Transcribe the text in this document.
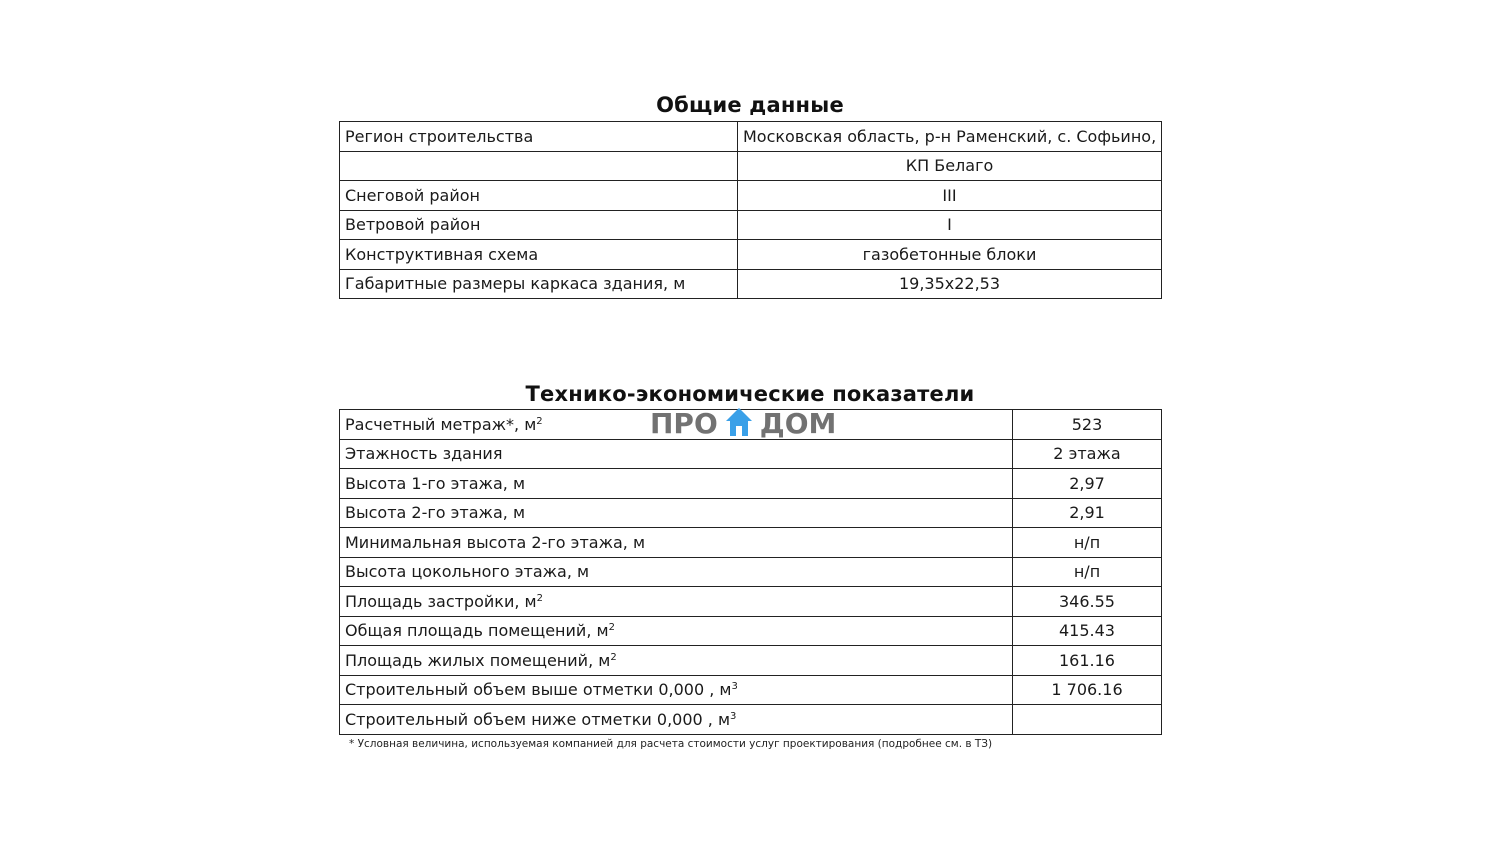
Общие данные
Регион строительства	Московская область, р-н Раменский, с. Софьино,
	КП Белаго
Снеговой район	III
Ветровой район	I
Конструктивная схема	газобетонные блоки
Габаритные размеры каркаса здания, м	19,35x22,53
Технико-экономические показатели
Расчетный метраж*, $м^2$	523
Этажность здания	2 этажа
Высота 1-го этажа, м	2,97
Высота 2-го этажа, м	2,91
Минимальная высота 2-го этажа, м	н/п
Высота цокольного этажа, м	н/п
Площадь застройки, $м^2$	346.55
Общая площадь помещений, $м^2$	415.43
Площадь жилых помещений, $м^2$	161.16
Строительный объем выше отметки 0,000 , $м^3$	1 706.16
Строительный объем ниже отметки 0,000 , $м^3$	
* Условная величина, используемая компанией для расчета стоимости услуг проектирования (подробнее см. в ТЗ)
ПРО ДОМ
